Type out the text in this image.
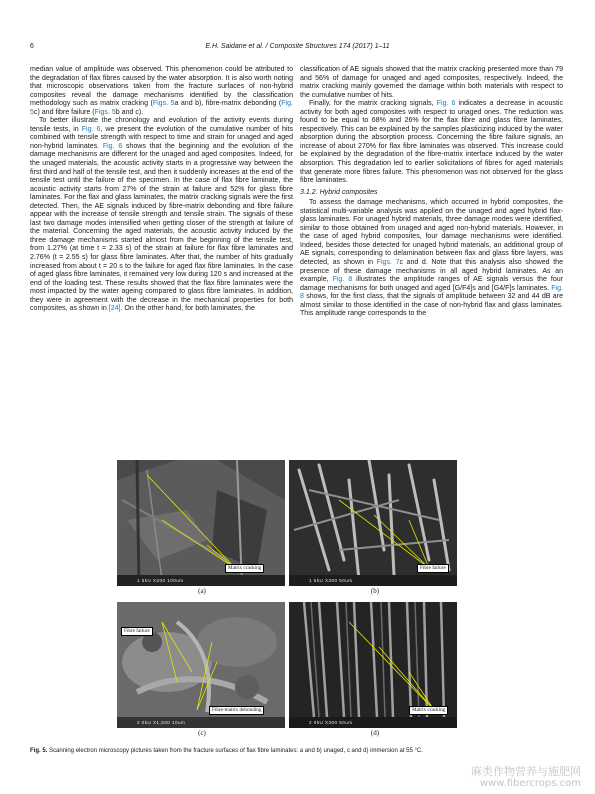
6	E.H. Saidane et al. / Composite Structures 174 (2017) 1–11

median value of amplitude was observed. This phenomenon could be attributed to the degradation of flax fibres caused by the water absorption. It is also worth noting that microscopic observations taken from the fracture surfaces of non-hybrid composites reveal the damage mechanisms identified by the classification methodology such as matrix cracking (Figs. 5a and b), fibre-matrix debonding (Fig. 5c) and fibre failure (Figs. 5b and c).

To better illustrate the chronology and evolution of the activity events during tensile tests, in Fig. 6, we present the evolution of the cumulative number of hits combined with tensile strength with respect to time and strain for unaged and aged non-hybrid laminates. Fig. 6 shows that the beginning and the evolution of the damage mechanisms are different for the unaged and aged composites. Indeed, for the unaged materials, the acoustic activity starts in a progressive way between the first third and half of the tensile test, and then it suddenly increases at the end of the tensile test until the failure of the specimen. In the case of flax fibre laminate, the acoustic activity starts from 27% of the strain at failure and 52% for glass fibre laminates. For the flax and glass laminates, the matrix cracking signals were the first detected. Then, the AE signals induced by fibre-matrix debonding and fibre failure appear with the increase of tensile strength and tensile strain. The signals of these last two damage modes intensified when getting closer of the strength at failure of the material. Concerning the aged materials, the acoustic activity induced by the three damage mechanisms started almost from the beginning of the tensile test, from 1.27% (at time t = 2.33 s) of the strain at failure for flax fibre laminates and 2.76% (t = 2.55 s) for glass fibre laminates. After that, the number of hits gradually increased from about t = 20 s to the failure for aged flax fibre laminates. In the case of aged glass fibre laminates, it remained very low during 120 s and increased at the end of the loading test. These results showed that the flax fibre laminates were the most impacted by the water ageing compared to glass fibre laminates. In addition, they were in agreement with the decrease in the mechanical properties for both composites, as shown in [24]. On the other hand, for both laminates, the

classification of AE signals showed that the matrix cracking presented more than 79 and 56% of damage for unaged and aged composites, respectively. Indeed, the matrix cracking mainly governed the damage within both materials with respect to the cumulative number of hits.

Finally, for the matrix cracking signals, Fig. 6 indicates a decrease in acoustic activity for both aged composites with respect to unaged ones. The reduction was found to be equal to 68% and 26% for the flax fibre and glass fibre laminates, respectively. This can be explained by the samples plasticizing induced by the water absorption during the absorption process. Concerning the fibre failure signals, an increase of about 270% for flax fibre laminates was observed. This increase could be explained by the degradation of the fibre-matrix interface induced by the water absorption. This degradation led to earlier solicitations of fibres for aged materials that generate more fibres failure. This phenomenon was not observed for the glass fibre laminates.

3.1.2. Hybrid composites

To assess the damage mechanisms, which occurred in hybrid composites, the statistical multi-variable analysis was applied on the unaged and aged hybrid flax-glass laminates. For unaged hybrid materials, three damage modes were identified, similar to those obtained from unaged and aged non-hybrid materials. However, in the case of aged hybrid composites, four damage mechanisms were identified. Indeed, besides those detected for unaged hybrid materials, an additional group of AE signals, corresponding to delamination between flax and glass fibre layers, was detected, as shown in Figs. 7c and d. Note that this analysis also showed the presence of these damage mechanisms in all aged hybrid laminates. As an example, Fig. 8 illustrates the amplitude ranges of AE signals versus the four damage mechanisms for both unaged and aged [G/F4]s and [G4/F]s laminates. Fig. 8 shows, for the first class, that the signals of amplitude between 32 and 44 dB are almost similar to those identified in the case of non-hybrid flax and glass laminates. This amplitude range corresponds to the

Matrix cracking
1 5kU X200 100um
(a)
Fibre failure
1 5kU X300 50um
(b)
Fibre failure
Fibre-matrix debonding
2 0kU X1,500 10um
(c)
Matrix cracking
2 0kU X300 50um
(d)
Fig. 5. Scanning electron microscopy pictures taken from the fracture surfaces of flax fibre laminates: a and b) unaged, c and d) immersion at 55 °C.
麻类作物营养与施肥网
www.fibercrops.com
